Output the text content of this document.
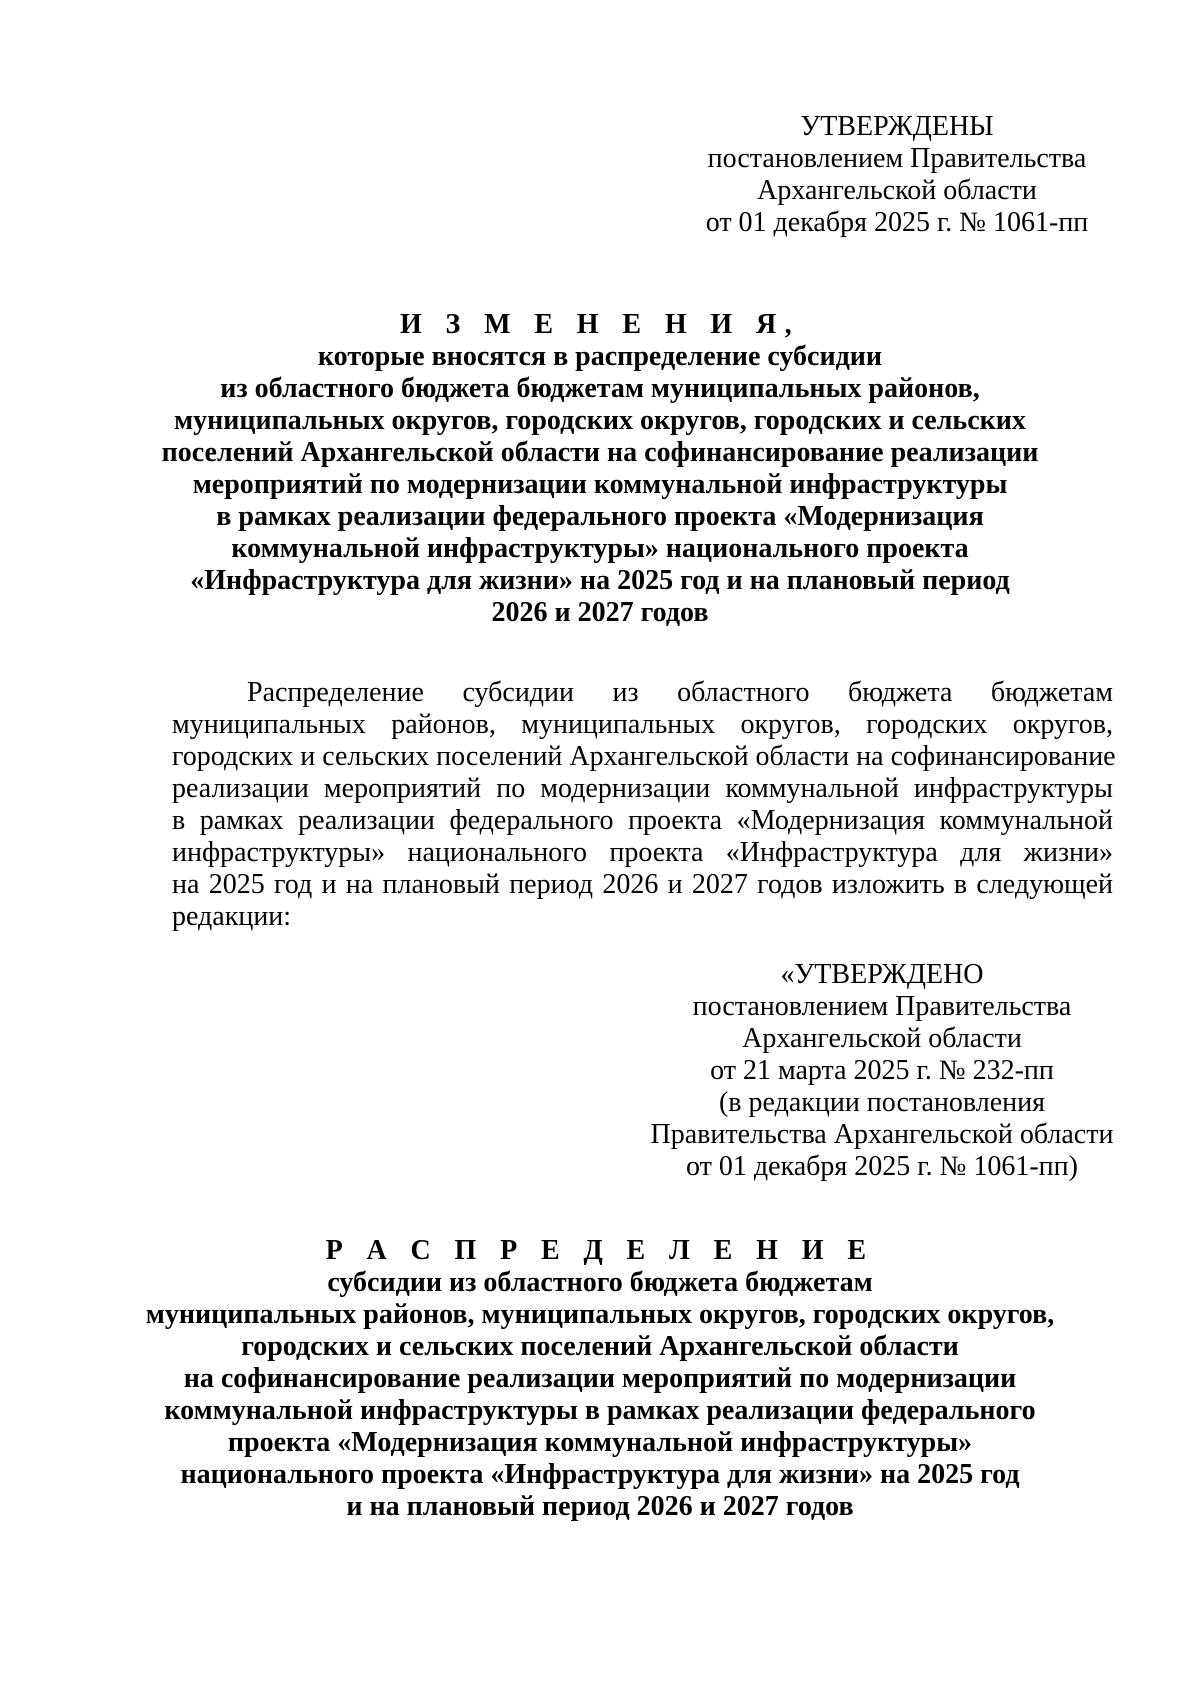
УТВЕРЖДЕНЫ
постановлением Правительства
Архангельской области
от 01 декабря 2025 г. № 1061-пп
И З М Е Н Е Н И Я,
которые вносятся в распределение субсидии
из областного бюджета бюджетам муниципальных районов,
муниципальных округов, городских округов, городских и сельских
поселений Архангельской области на софинансирование реализации
мероприятий по модернизации коммунальной инфраструктуры
в рамках реализации федерального проекта «Модернизация
коммунальной инфраструктуры» национального проекта
«Инфраструктура для жизни» на 2025 год и на плановый период
2026 и 2027 годов
Распределение субсидии из областного бюджета бюджетам
муниципальных районов, муниципальных округов, городских округов,
городских и сельских поселений Архангельской области на софинансирование
реализации мероприятий по модернизации коммунальной инфраструктуры
в рамках реализации федерального проекта «Модернизация коммунальной
инфраструктуры» национального проекта «Инфраструктура для жизни»
на 2025 год и на плановый период 2026 и 2027 годов изложить в следующей
редакции:
«УТВЕРЖДЕНО
постановлением Правительства
Архангельской области
от 21 марта 2025 г. № 232-пп
(в редакции постановления
Правительства Архангельской области
от 01 декабря 2025 г. № 1061-пп)
Р А С П Р Е Д Е Л Е Н И Е
субсидии из областного бюджета бюджетам
муниципальных районов, муниципальных округов, городских округов,
городских и сельских поселений Архангельской области
на софинансирование реализации мероприятий по модернизации
коммунальной инфраструктуры в рамках реализации федерального
проекта «Модернизация коммунальной инфраструктуры»
национального проекта «Инфраструктура для жизни» на 2025 год
и на плановый период 2026 и 2027 годов
